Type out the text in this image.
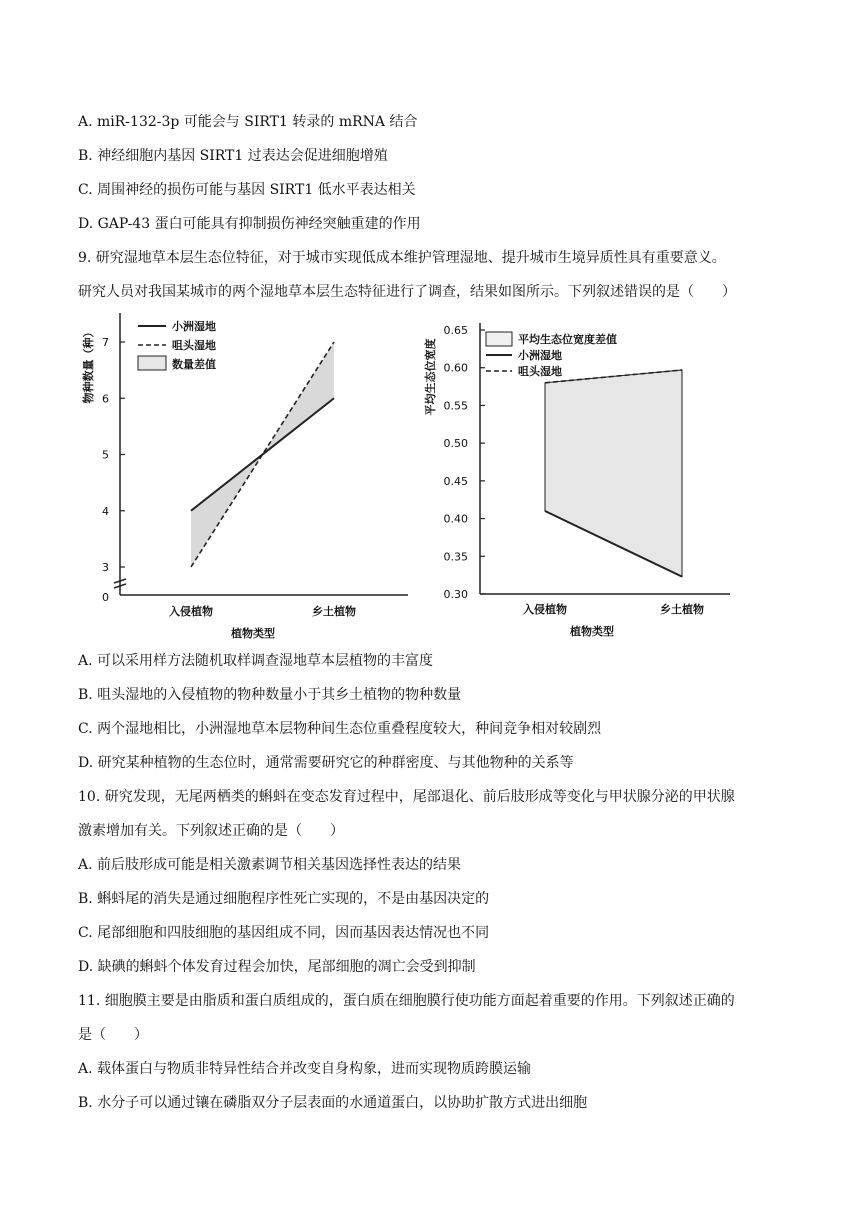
A. miR-132-3p 可能会与 SIRT1 转录的 mRNA 结合
B. 神经细胞内基因 SIRT1 过表达会促进细胞增殖
C. 周围神经的损伤可能与基因 SIRT1 低水平表达相关
D. GAP-43 蛋白可能具有抑制损伤神经突触重建的作用
9. 研究湿地草本层生态位特征，对于城市实现低成本维护管理湿地、提升城市生境异质性具有重要意义。
研究人员对我国某城市的两个湿地草本层生态特征进行了调查，结果如图所示。下列叙述错误的是（　　）
0
3
4
5
6
7
物种数量（种）
入侵植物	乡土植物
植物类型
小洲湿地
咀头湿地
数量差值
0.30
0.35
0.40
0.45
0.50
0.55
0.60
0.65
平均生态位宽度
入侵植物	乡土植物
植物类型
平均生态位宽度差值
小洲湿地
咀头湿地
A. 可以采用样方法随机取样调查湿地草本层植物的丰富度
B. 咀头湿地的入侵植物的物种数量小于其乡土植物的物种数量
C. 两个湿地相比，小洲湿地草本层物种间生态位重叠程度较大，种间竞争相对较剧烈
D. 研究某种植物的生态位时，通常需要研究它的种群密度、与其他物种的关系等
10. 研究发现，无尾两栖类的蝌蚪在变态发育过程中，尾部退化、前后肢形成等变化与甲状腺分泌的甲状腺
激素增加有关。下列叙述正确的是（　　）
A. 前后肢形成可能是相关激素调节相关基因选择性表达的结果
B. 蝌蚪尾的消失是通过细胞程序性死亡实现的，不是由基因决定的
C. 尾部细胞和四肢细胞的基因组成不同，因而基因表达情况也不同
D. 缺碘的蝌蚪个体发育过程会加快，尾部细胞的凋亡会受到抑制
11. 细胞膜主要是由脂质和蛋白质组成的，蛋白质在细胞膜行使功能方面起着重要的作用。下列叙述正确的
是（　　）
A. 载体蛋白与物质非特异性结合并改变自身构象，进而实现物质跨膜运输
B. 水分子可以通过镶在磷脂双分子层表面的水通道蛋白，以协助扩散方式进出细胞
